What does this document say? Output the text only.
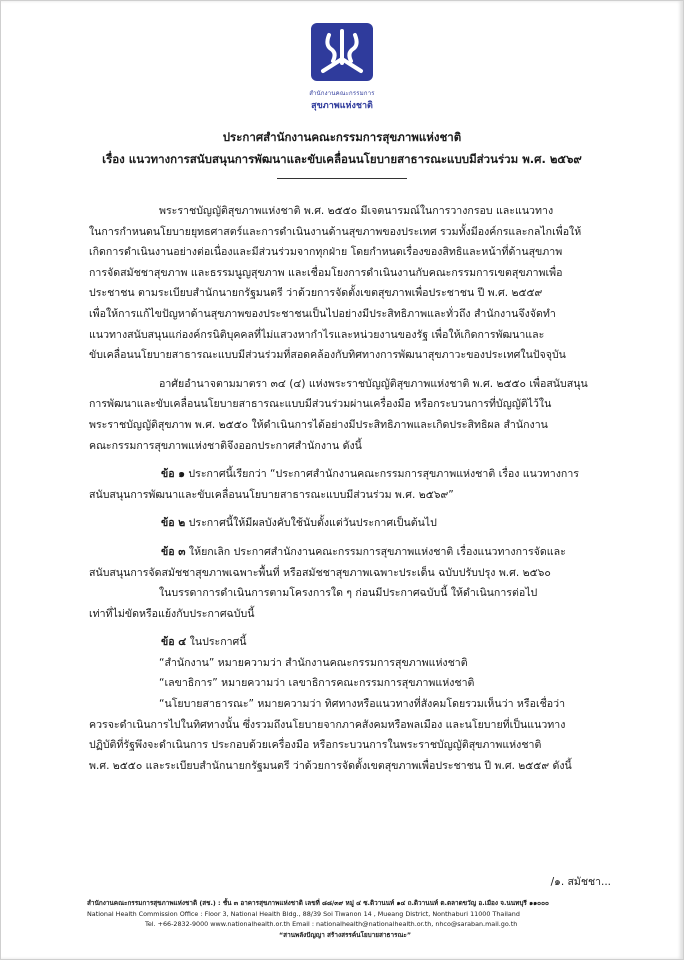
สำนักงานคณะกรรมการ
สุขภาพแห่งชาติ
ประกาศสำนักงานคณะกรรมการสุขภาพแห่งชาติ
เรื่อง แนวทางการสนับสนุนการพัฒนาและขับเคลื่อนนโยบายสาธารณะแบบมีส่วนร่วม พ.ศ. ๒๕๖๙
พระราชบัญญัติสุขภาพแห่งชาติ พ.ศ. ๒๕๕๐ มีเจตนารมณ์ในการวางกรอบ และแนวทาง
ในการกำหนดนโยบายยุทธศาสตร์และการดำเนินงานด้านสุขภาพของประเทศ รวมทั้งมีองค์กรและกลไกเพื่อให้
เกิดการดำเนินงานอย่างต่อเนื่องและมีส่วนร่วมจากทุกฝ่าย โดยกำหนดเรื่องของสิทธิและหน้าที่ด้านสุขภาพ
การจัดสมัชชาสุขภาพ และธรรมนูญสุขภาพ และเชื่อมโยงการดำเนินงานกับคณะกรรมการเขตสุขภาพเพื่อ
ประชาชน ตามระเบียบสำนักนายกรัฐมนตรี ว่าด้วยการจัดตั้งเขตสุขภาพเพื่อประชาชน ปี พ.ศ. ๒๕๕๙
เพื่อให้การแก้ไขปัญหาด้านสุขภาพของประชาชนเป็นไปอย่างมีประสิทธิภาพและทั่วถึง สำนักงานจึงจัดทำ
แนวทางสนับสนุนแก่องค์กรนิติบุคคลที่ไม่แสวงหากำไรและหน่วยงานของรัฐ เพื่อให้เกิดการพัฒนาและ
ขับเคลื่อนนโยบายสาธารณะแบบมีส่วนร่วมที่สอดคล้องกับทิศทางการพัฒนาสุขภาวะของประเทศในปัจจุบัน
อาศัยอำนาจตามมาตรา ๓๔ (๔) แห่งพระราชบัญญัติสุขภาพแห่งชาติ พ.ศ. ๒๕๕๐ เพื่อสนับสนุน
การพัฒนาและขับเคลื่อนนโยบายสาธารณะแบบมีส่วนร่วมผ่านเครื่องมือ หรือกระบวนการที่บัญญัติไว้ใน
พระราชบัญญัติสุขภาพ พ.ศ. ๒๕๕๐ ให้ดำเนินการได้อย่างมีประสิทธิภาพและเกิดประสิทธิผล สำนักงาน
คณะกรรมการสุขภาพแห่งชาติจึงออกประกาศสำนักงาน ดังนี้
ข้อ ๑ ประกาศนี้เรียกว่า “ประกาศสำนักงานคณะกรรมการสุขภาพแห่งชาติ เรื่อง แนวทางการ
สนับสนุนการพัฒนาและขับเคลื่อนนโยบายสาธารณะแบบมีส่วนร่วม พ.ศ. ๒๕๖๙”
ข้อ ๒ ประกาศนี้ให้มีผลบังคับใช้นับตั้งแต่วันประกาศเป็นต้นไป
ข้อ ๓ ให้ยกเลิก ประกาศสำนักงานคณะกรรมการสุขภาพแห่งชาติ เรื่องแนวทางการจัดและ
สนับสนุนการจัดสมัชชาสุขภาพเฉพาะพื้นที่ หรือสมัชชาสุขภาพเฉพาะประเด็น ฉบับปรับปรุง พ.ศ. ๒๕๖๐
ในบรรดาการดำเนินการตามโครงการใด ๆ ก่อนมีประกาศฉบับนี้ ให้ดำเนินการต่อไป
เท่าที่ไม่ขัดหรือแย้งกับประกาศฉบับนี้
ข้อ ๔ ในประกาศนี้
“สำนักงาน” หมายความว่า สำนักงานคณะกรรมการสุขภาพแห่งชาติ
“เลขาธิการ” หมายความว่า เลขาธิการคณะกรรมการสุขภาพแห่งชาติ
“นโยบายสาธารณะ” หมายความว่า ทิศทางหรือแนวทางที่สังคมโดยรวมเห็นว่า หรือเชื่อว่า
ควรจะดำเนินการไปในทิศทางนั้น ซึ่งรวมถึงนโยบายจากภาคสังคมหรือพลเมือง และนโยบายที่เป็นแนวทาง
ปฏิบัติที่รัฐพึงจะดำเนินการ ประกอบด้วยเครื่องมือ หรือกระบวนการในพระราชบัญญัติสุขภาพแห่งชาติ
พ.ศ. ๒๕๕๐ และระเบียบสำนักนายกรัฐมนตรี ว่าด้วยการจัดตั้งเขตสุขภาพเพื่อประชาชน ปี พ.ศ. ๒๕๕๙ ดังนี้
/๑. สมัชชา...
สำนักงานคณะกรรมการสุขภาพแห่งชาติ (สช.) : ชั้น ๓ อาคารสุขภาพแห่งชาติ เลขที่ ๘๘/๓๙ หมู่ ๔ ซ.ติวานนท์ ๑๔ ถ.ติวานนท์ ต.ตลาดขวัญ อ.เมือง จ.นนทบุรี ๑๑๐๐๐
National Health Commission Office : Floor 3, National Health Bldg., 88/39 Soi Tiwanon 14 , Mueang District, Nonthaburi 11000 Thailand
Tel. +66-2832-9000 www.nationalhealth.or.th Email : nationalhealth@nationalhealth.or.th, nhco@saraban.mail.go.th
“สานพลังปัญญา สร้างสรรค์นโยบายสาธารณะ”
